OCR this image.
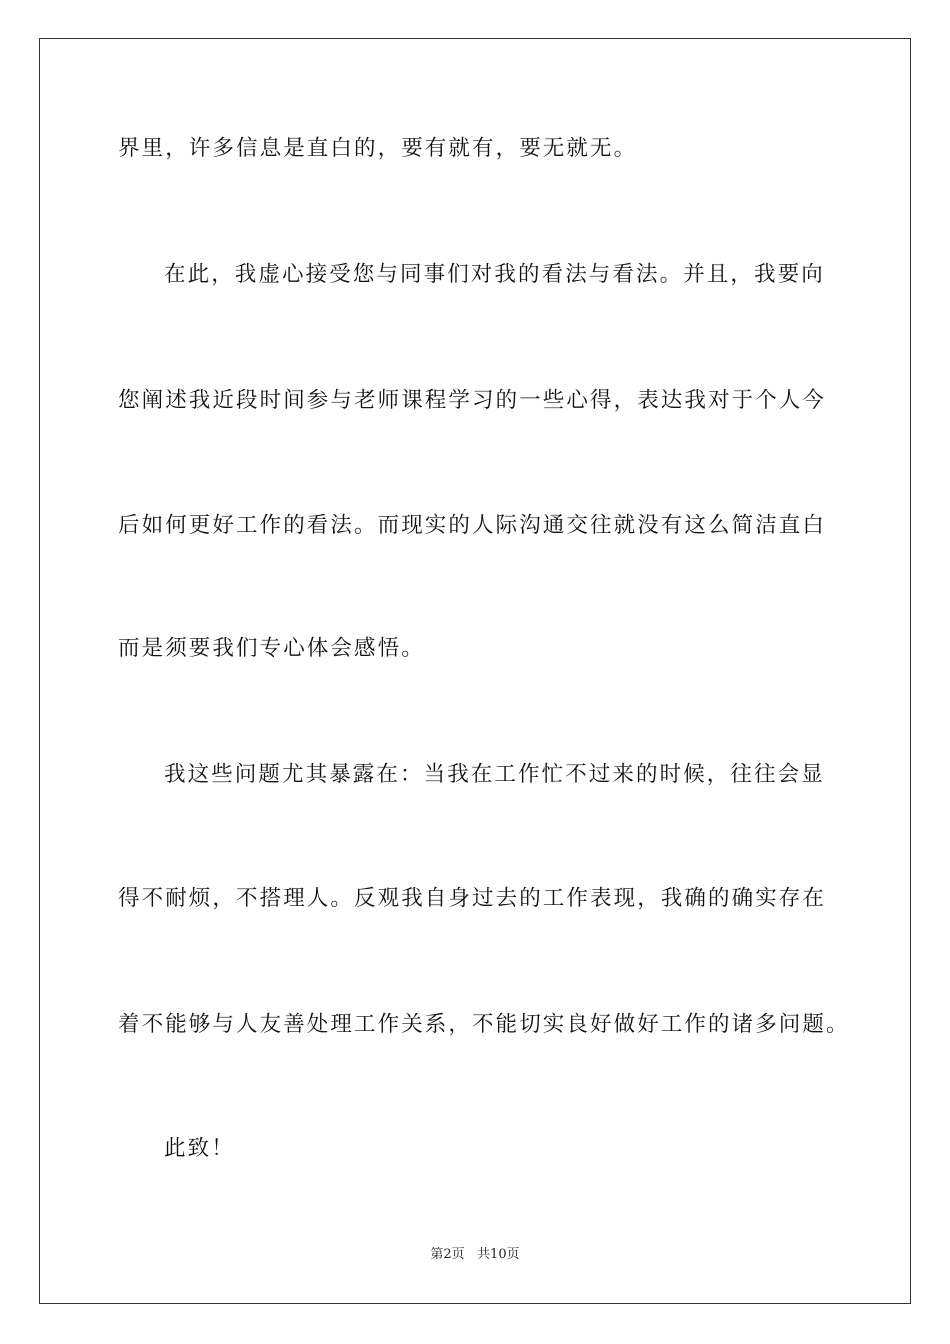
界里，许多信息是直白的，要有就有，要无就无。
在此，我虚心接受您与同事们对我的看法与看法。并且，我要向
您阐述我近段时间参与老师课程学习的一些心得，表达我对于个人今
后如何更好工作的看法。而现实的人际沟通交往就没有这么简洁直白
而是须要我们专心体会感悟。
我这些问题尤其暴露在：当我在工作忙不过来的时候，往往会显
得不耐烦，不搭理人。反观我自身过去的工作表现，我确的确实存在
着不能够与人友善处理工作关系，不能切实良好做好工作的诸多问题。
此致！
第2页   共10页
